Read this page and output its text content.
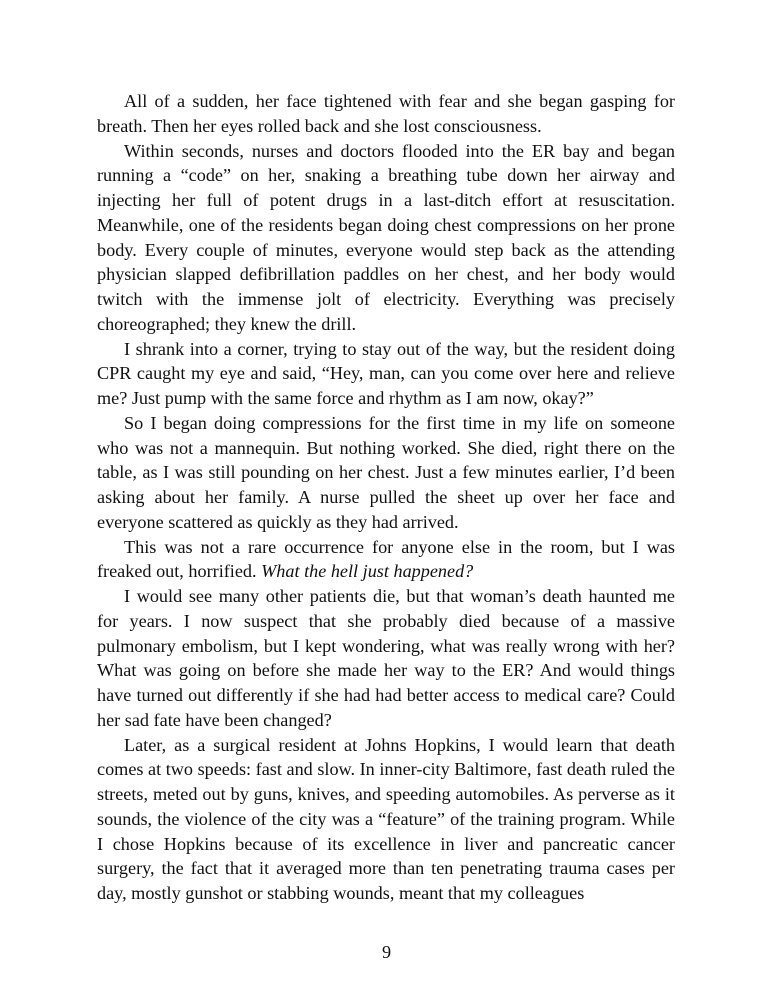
All of a sudden, her face tightened with fear and she began gasping for breath. Then her eyes rolled back and she lost consciousness.

Within seconds, nurses and doctors flooded into the ER bay and began running a “code” on her, snaking a breathing tube down her airway and injecting her full of potent drugs in a last-ditch effort at resuscitation. Meanwhile, one of the residents began doing chest compressions on her prone body. Every couple of minutes, everyone would step back as the attending physician slapped defibrillation paddles on her chest, and her body would twitch with the immense jolt of electricity. Everything was precisely choreographed; they knew the drill.

I shrank into a corner, trying to stay out of the way, but the resident doing CPR caught my eye and said, “Hey, man, can you come over here and relieve me? Just pump with the same force and rhythm as I am now, okay?”

So I began doing compressions for the first time in my life on someone who was not a mannequin. But nothing worked. She died, right there on the table, as I was still pounding on her chest. Just a few minutes earlier, I’d been asking about her family. A nurse pulled the sheet up over her face and everyone scattered as quickly as they had arrived.

This was not a rare occurrence for anyone else in the room, but I was freaked out, horrified. What the hell just happened?

I would see many other patients die, but that woman’s death haunted me for years. I now suspect that she probably died because of a massive pulmonary embolism, but I kept wondering, what was really wrong with her? What was going on before she made her way to the ER? And would things have turned out differently if she had had better access to medical care? Could her sad fate have been changed?

Later, as a surgical resident at Johns Hopkins, I would learn that death comes at two speeds: fast and slow. In inner-city Baltimore, fast death ruled the streets, meted out by guns, knives, and speeding automobiles. As perverse as it sounds, the violence of the city was a “feature” of the training program. While I chose Hopkins because of its excellence in liver and pancreatic cancer surgery, the fact that it averaged more than ten penetrating trauma cases per day, mostly gunshot or stabbing wounds, meant that my colleagues

9
